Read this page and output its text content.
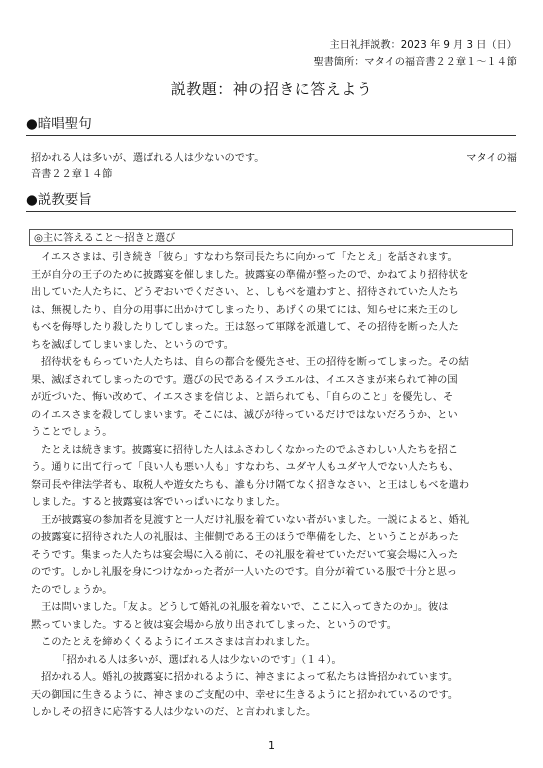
主日礼拝説教：2023 年 9 月 3 日（日）
聖書箇所：マタイの福音書２２章１～１４節
説教題：神の招きに答えよう
●暗唱聖句
招かれる人は多いが、選ばれる人は少ないのです。	マタイの福
音書２２章１４節
●説教要旨
◎主に答えること～招きと選び
　イエスさまは、引き続き「彼ら」すなわち祭司長たちに向かって「たとえ」を話されます。
王が自分の王子のために披露宴を催しました。披露宴の準備が整ったので、かねてより招待状を
出していた人たちに、どうぞおいでください、と、しもべを遣わすと、招待されていた人たち
は、無視したり、自分の用事に出かけてしまったり、あげくの果てには、知らせに来た王のし
もべを侮辱したり殺したりしてしまった。王は怒って軍隊を派遣して、その招待を断った人た
ちを滅ぼしてしまいました、というのです。
　招待状をもらっていた人たちは、自らの都合を優先させ、王の招待を断ってしまった。その結
果、滅ぼされてしまったのです。選びの民であるイスラエルは、イエスさまが来られて神の国
が近づいた、悔い改めて、イエスさまを信じよ、と語られても、「自らのこと」を優先し、そ
のイエスさまを殺してしまいます。そこには、滅びが待っているだけではないだろうか、とい
うことでしょう。
　たとえは続きます。披露宴に招待した人はふさわしくなかったのでふさわしい人たちを招こ
う。通りに出て行って「良い人も悪い人も」すなわち、ユダヤ人もユダヤ人でない人たちも、
祭司長や律法学者も、取税人や遊女たちも、誰も分け隔てなく招きなさい、と王はしもべを遣わ
しました。すると披露宴は客でいっぱいになりました。
　王が披露宴の参加者を見渡すと一人だけ礼服を着ていない者がいました。一説によると、婚礼
の披露宴に招待された人の礼服は、主催側である王のほうで準備をした、ということがあった
そうです。集まった人たちは宴会場に入る前に、その礼服を着せていただいて宴会場に入った
のです。しかし礼服を身につけなかった者が一人いたのです。自分が着ている服で十分と思っ
たのでしょうか。
　王は問いました。「友よ。どうして婚礼の礼服を着ないで、ここに入ってきたのか」。彼は
黙っていました。すると彼は宴会場から放り出されてしまった、というのです。
　このたとえを締めくくるようにイエスさまは言われました。
　　　「招かれる人は多いが、選ばれる人は少ないのです」（１４）。
　招かれる人。婚礼の披露宴に招かれるように、神さまによって私たちは皆招かれています。
天の御国に生きるように、神さまのご支配の中、幸せに生きるようにと招かれているのです。
しかしその招きに応答する人は少ないのだ、と言われました。
1
